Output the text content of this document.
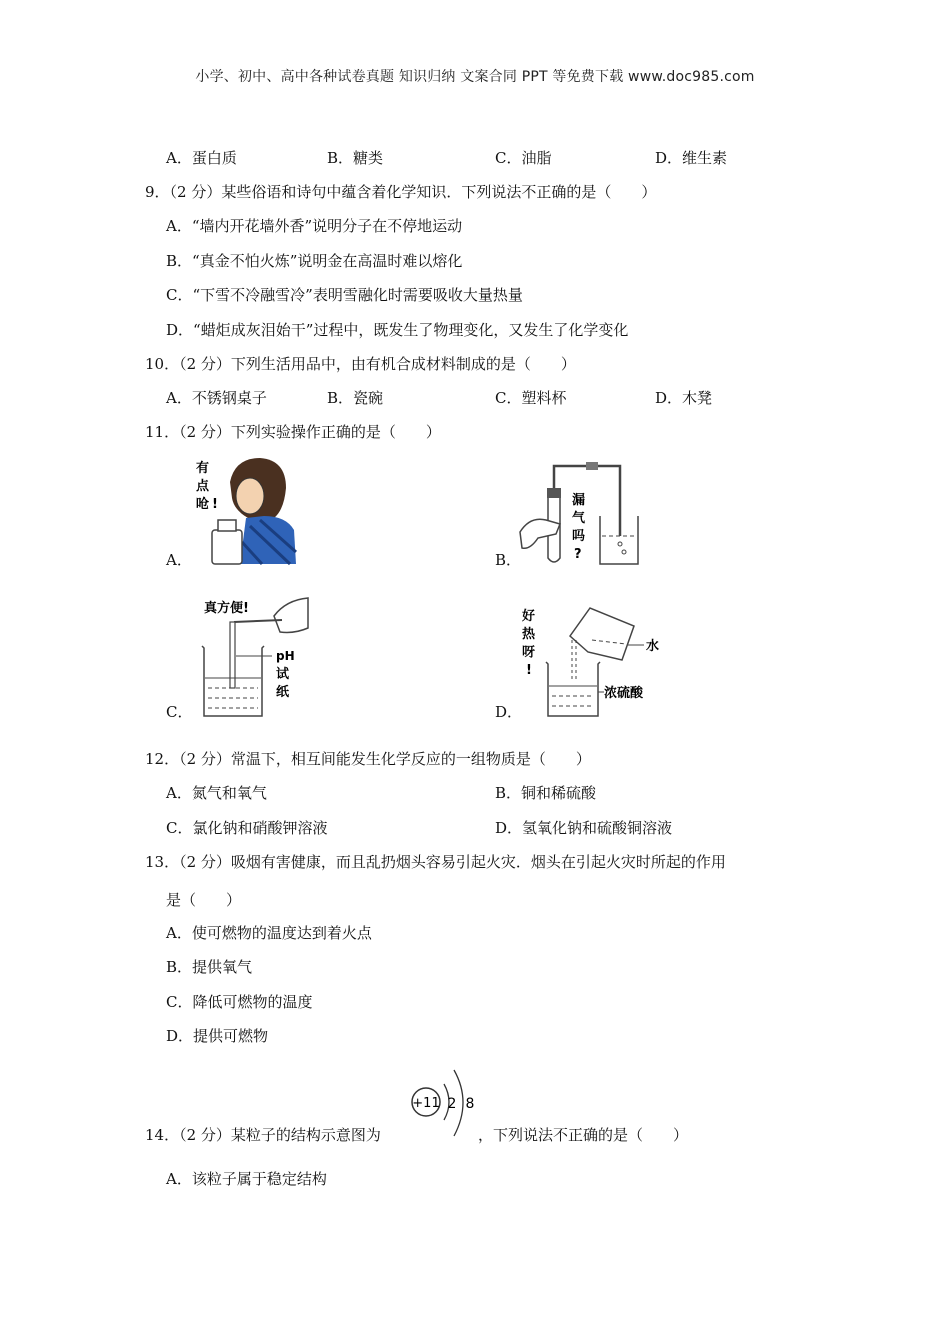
小学、初中、高中各种试卷真题 知识归纳 文案合同 PPT 等免费下载 www.doc985.com
A．蛋白质	B．糖类	C．油脂	D．维生素
9．（2 分）某些俗语和诗句中蕴含着化学知识．下列说法不正确的是（　　）
A．“墙内开花墙外香”说明分子在不停地运动
B．“真金不怕火炼”说明金在高温时难以熔化
C．“下雪不冷融雪冷”表明雪融化时需要吸收大量热量
D．“蜡炬成灰泪始干”过程中，既发生了物理变化，又发生了化学变化
10．（2 分）下列生活用品中，由有机合成材料制成的是（　　）
A．不锈钢桌子	B．瓷碗	C．塑料杯	D．木凳
11．（2 分）下列实验操作正确的是（　　）
A．
有
点
呛 !
B．
漏
气
吗
?
C．
真方便!
pH
试
纸
D．
好
热
呀
!
水
浓硫酸
12．（2 分）常温下，相互间能发生化学反应的一组物质是（　　）
A．氮气和氧气	B．铜和稀硫酸
C．氯化钠和硝酸钾溶液	D．氢氧化钠和硫酸铜溶液
13．（2 分）吸烟有害健康，而且乱扔烟头容易引起火灾．烟头在引起火灾时所起的作用
是（　　）
A．使可燃物的温度达到着火点
B．提供氧气
C．降低可燃物的温度
D．提供可燃物
14．（2 分）某粒子的结构示意图为
+11 2 8
，下列说法不正确的是（　　）
A．该粒子属于稳定结构
